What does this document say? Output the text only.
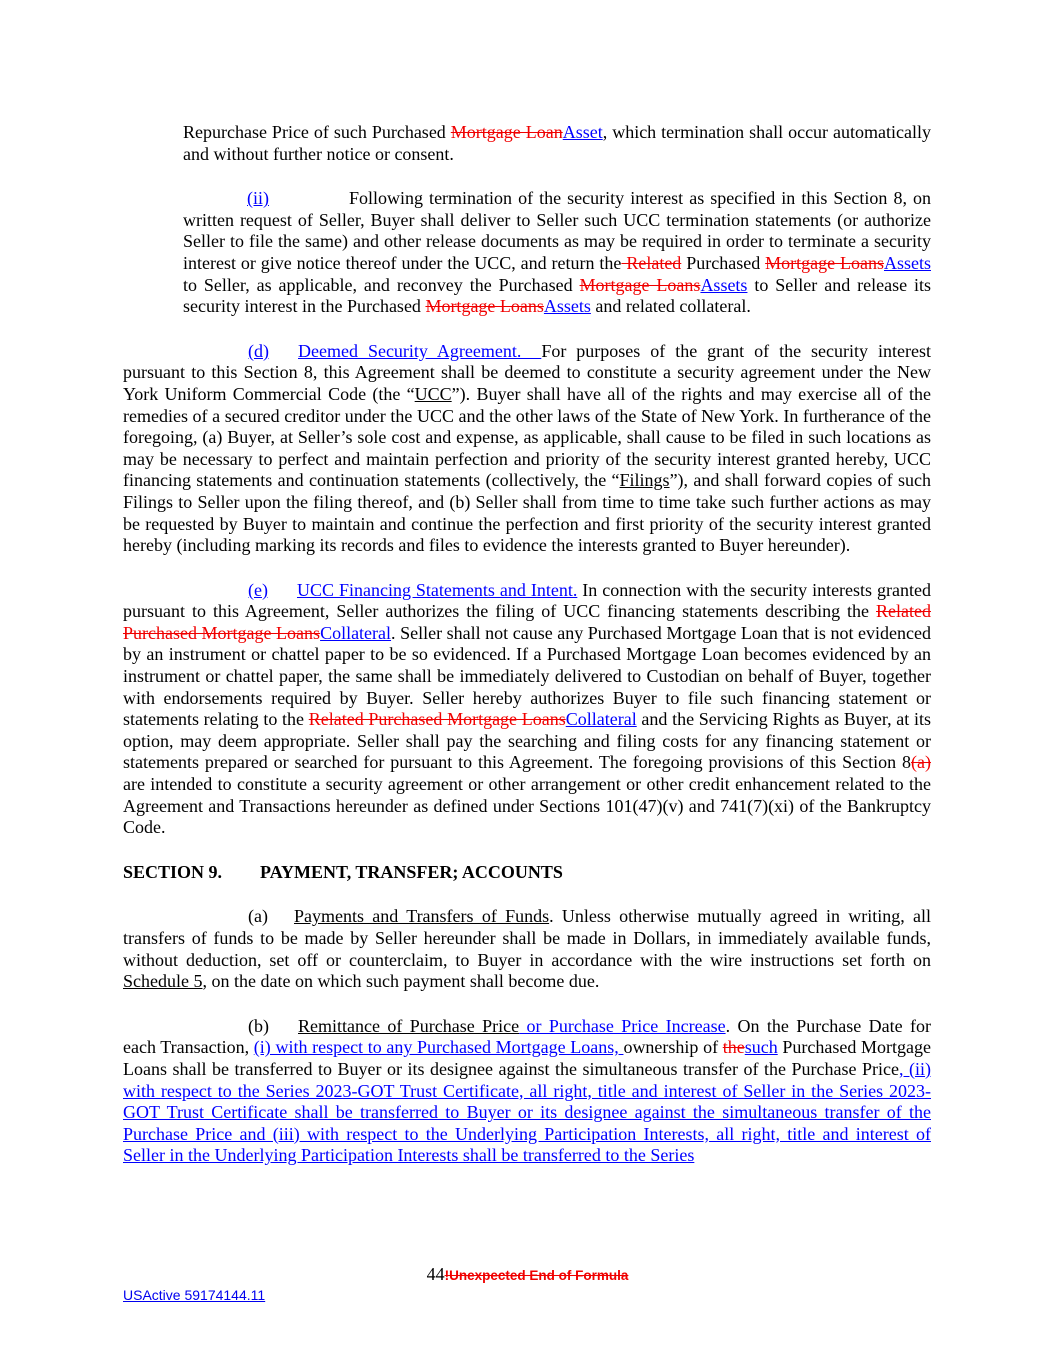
Repurchase Price of such Purchased Mortgage LoanAsset, which termination shall occur automatically and without further notice or consent.

(ii)	Following termination of the security interest as specified in this Section 8, on written request of Seller, Buyer shall deliver to Seller such UCC termination statements (or authorize Seller to file the same) and other release documents as may be required in order to terminate a security interest or give notice thereof under the UCC, and return the Related Purchased Mortgage LoansAssets to Seller, as applicable, and reconvey the Purchased Mortgage LoansAssets to Seller and release its security interest in the Purchased Mortgage LoansAssets and related collateral.

(d) Deemed Security Agreement.  For purposes of the grant of the security interest pursuant to this Section 8, this Agreement shall be deemed to constitute a security agreement under the New York Uniform Commercial Code (the “UCC”). Buyer shall have all of the rights and may exercise all of the remedies of a secured creditor under the UCC and the other laws of the State of New York. In furtherance of the foregoing, (a) Buyer, at Seller’s sole cost and expense, as applicable, shall cause to be filed in such locations as may be necessary to perfect and maintain perfection and priority of the security interest granted hereby, UCC financing statements and continuation statements (collectively, the “Filings”), and shall forward copies of such Filings to Seller upon the filing thereof, and (b) Seller shall from time to time take such further actions as may be requested by Buyer to maintain and continue the perfection and first priority of the security interest granted hereby (including marking its records and files to evidence the interests granted to Buyer hereunder).

(e) UCC Financing Statements and Intent. In connection with the security interests granted pursuant to this Agreement, Seller authorizes the filing of UCC financing statements describing the Related Purchased Mortgage LoansCollateral. Seller shall not cause any Purchased Mortgage Loan that is not evidenced by an instrument or chattel paper to be so evidenced. If a Purchased Mortgage Loan becomes evidenced by an instrument or chattel paper, the same shall be immediately delivered to Custodian on behalf of Buyer, together with endorsements required by Buyer. Seller hereby authorizes Buyer to file such financing statement or statements relating to the Related Purchased Mortgage LoansCollateral and the Servicing Rights as Buyer, at its option, may deem appropriate. Seller shall pay the searching and filing costs for any financing statement or statements prepared or searched for pursuant to this Agreement. The foregoing provisions of this Section 8(a) are intended to constitute a security agreement or other arrangement or other credit enhancement related to the Agreement and Transactions hereunder as defined under Sections 101(47)(v) and 741(7)(xi) of the Bankruptcy Code.

SECTION 9. PAYMENT, TRANSFER; ACCOUNTS

(a) Payments and Transfers of Funds. Unless otherwise mutually agreed in writing, all transfers of funds to be made by Seller hereunder shall be made in Dollars, in immediately available funds, without deduction, set off or counterclaim, to Buyer in accordance with the wire instructions set forth on Schedule 5, on the date on which such payment shall become due.

(b) Remittance of Purchase Price or Purchase Price Increase. On the Purchase Date for each Transaction, (i) with respect to any Purchased Mortgage Loans, ownership of thesuch Purchased Mortgage Loans shall be transferred to Buyer or its designee against the simultaneous transfer of the Purchase Price, (ii) with respect to the Series 2023-GOT Trust Certificate, all right, title and interest of Seller in the Series 2023-GOT Trust Certificate shall be transferred to Buyer or its designee against the simultaneous transfer of the Purchase Price and (iii) with respect to the Underlying Participation Interests, all right, title and interest of Seller in the Underlying Participation Interests shall be transferred to the Series

44 !Unexpected End of Formula
USActive 59174144.11
